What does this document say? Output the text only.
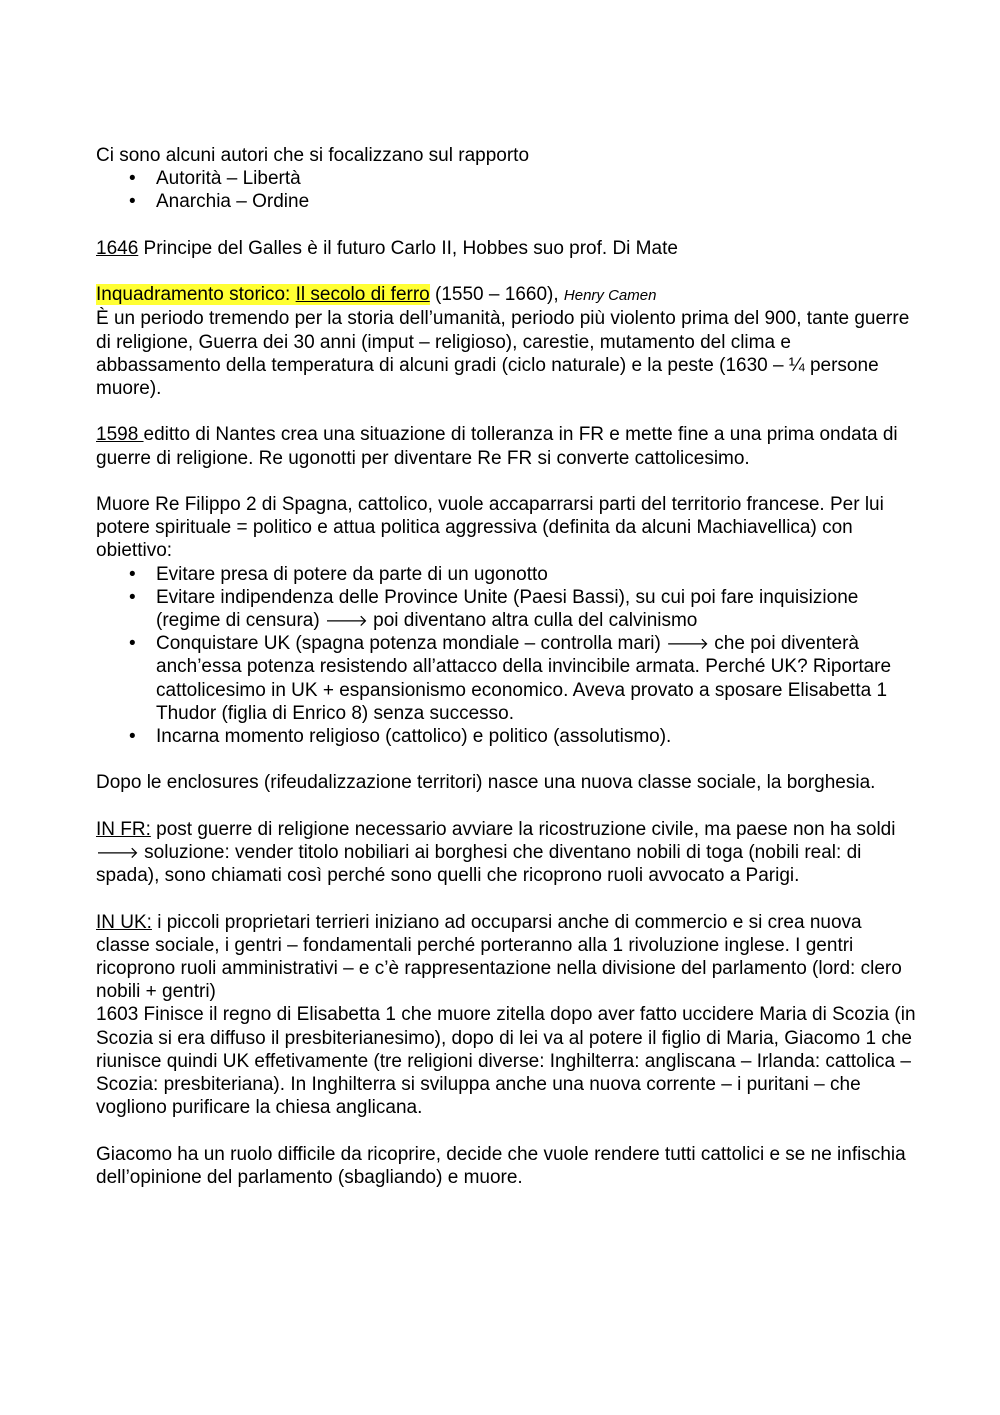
Ci sono alcuni autori che si focalizzano sul rapporto

• Autorità – Libertà
• Anarchia – Ordine

1646 Principe del Galles è il futuro Carlo II, Hobbes suo prof. Di Mate

Inquadramento storico: Il secolo di ferro (1550 – 1660), Henry Camen

È un periodo tremendo per la storia dell’umanità, periodo più violento prima del 900, tante guerre di religione, Guerra dei 30 anni (imput – religioso), carestie, mutamento del clima e abbassamento della temperatura di alcuni gradi (ciclo naturale) e la peste (1630 – ¼ persone muore).

1598 editto di Nantes crea una situazione di tolleranza in FR e mette fine a una prima ondata di guerre di religione. Re ugonotti per diventare Re FR si converte cattolicesimo.

Muore Re Filippo 2 di Spagna, cattolico, vuole accaparrarsi parti del territorio francese. Per lui potere spirituale = politico e attua politica aggressiva (definita da alcuni Machiavellica) con obiettivo:

• Evitare presa di potere da parte di un ugonotto
• Evitare indipendenza delle Province Unite (Paesi Bassi), su cui poi fare inquisizione (regime di censura) 🡒 poi diventano altra culla del calvinismo
• Conquistare UK (spagna potenza mondiale – controlla mari) 🡒 che poi diventerà anch’essa potenza resistendo all’attacco della invincibile armata. Perché UK? Riportare cattolicesimo in UK + espansionismo economico. Aveva provato a sposare Elisabetta 1 Thudor (figlia di Enrico 8) senza successo.
• Incarna momento religioso (cattolico) e politico (assolutismo).

Dopo le enclosures (rifeudalizzazione territori) nasce una nuova classe sociale, la borghesia.

IN FR: post guerre di religione necessario avviare la ricostruzione civile, ma paese non ha soldi 🡒 soluzione: vender titolo nobiliari ai borghesi che diventano nobili di toga (nobili real: di spada), sono chiamati così perché sono quelli che ricoprono ruoli avvocato a Parigi.

IN UK: i piccoli proprietari terrieri iniziano ad occuparsi anche di commercio e si crea nuova classe sociale, i gentri – fondamentali perché porteranno alla 1 rivoluzione inglese. I gentri ricoprono ruoli amministrativi – e c’è rappresentazione nella divisione del parlamento (lord: clero nobili + gentri)

1603 Finisce il regno di Elisabetta 1 che muore zitella dopo aver fatto uccidere Maria di Scozia (in Scozia si era diffuso il presbiterianesimo), dopo di lei va al potere il figlio di Maria, Giacomo 1 che riunisce quindi UK effetivamente (tre religioni diverse: Inghilterra: angliscana – Irlanda: cattolica – Scozia: presbiteriana). In Inghilterra si sviluppa anche una nuova corrente – i puritani – che vogliono purificare la chiesa anglicana.

Giacomo ha un ruolo difficile da ricoprire, decide che vuole rendere tutti cattolici e se ne infischia dell’opinione del parlamento (sbagliando) e muore.
